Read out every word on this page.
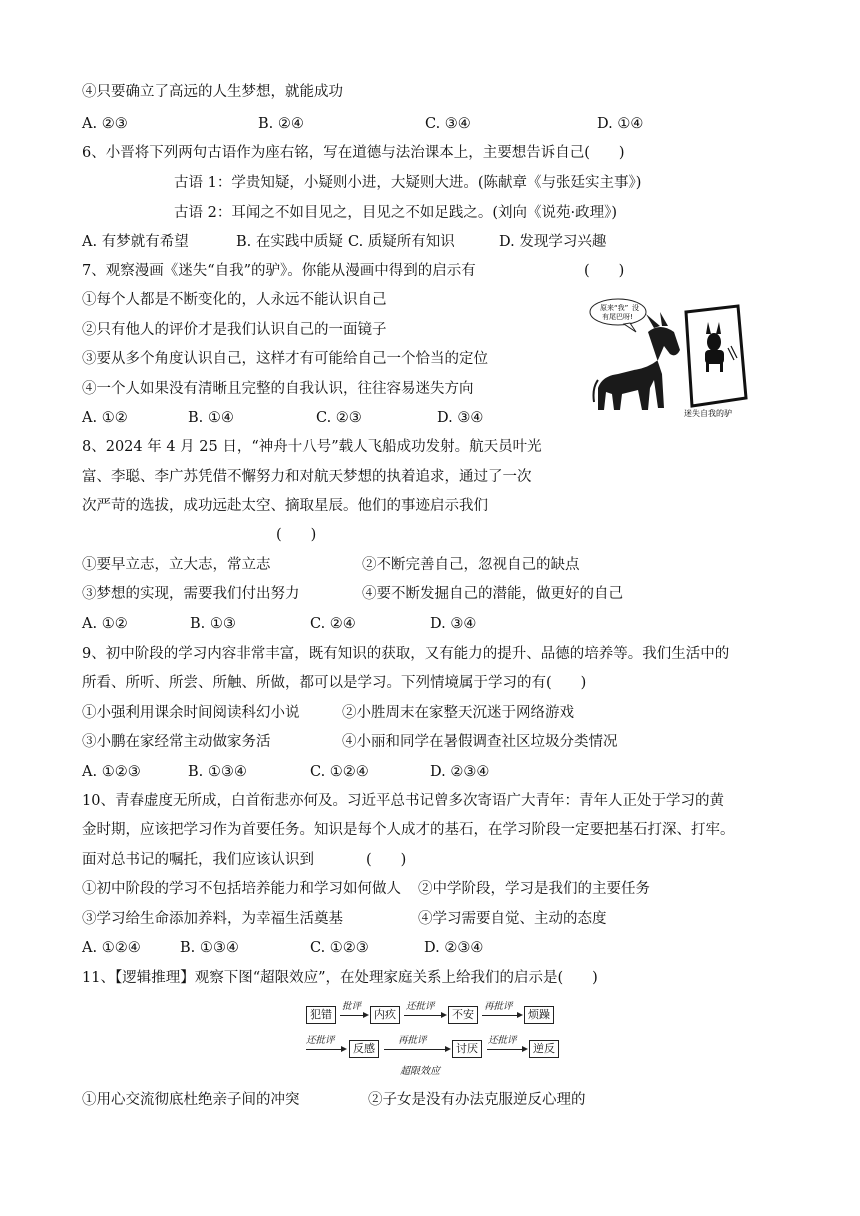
④只要确立了高远的人生梦想，就能成功
A. ②③	B. ②④	C. ③④	D. ①④
6、小晋将下列两句古语作为座右铭，写在道德与法治课本上，主要想告诉自己(　　)
古语 1：学贵知疑，小疑则小进，大疑则大进。(陈献章《与张廷实主事》)
古语 2：耳闻之不如目见之，目见之不如足践之。(刘向《说苑·政理》)
A. 有梦就有希望	B. 在实践中质疑 C. 质疑所有知识	D. 发现学习兴趣
7、观察漫画《迷失“自我”的驴》。你能从漫画中得到的启示有	(　　)
①每个人都是不断变化的，人永远不能认识自己
②只有他人的评价才是我们认识自己的一面镜子
③要从多个角度认识自己，这样才有可能给自己一个恰当的定位
④一个人如果没有清晰且完整的自我认识，往往容易迷失方向
A. ①②	B. ①④	C. ②③	D. ③④
原来“我” 没
有尾巴呀!
迷失自我的驴
8、2024 年 4 月 25 日，“神舟十八号”载人飞船成功发射。航天员叶光
富、李聪、李广苏凭借不懈努力和对航天梦想的执着追求，通过了一次
次严苛的选拔，成功远赴太空、摘取星辰。他们的事迹启示我们
(　　)
①要早立志，立大志，常立志	②不断完善自己，忽视自己的缺点
③梦想的实现，需要我们付出努力	④要不断发掘自己的潜能，做更好的自己
A. ①②	B. ①③	C. ②④	D. ③④
9、初中阶段的学习内容非常丰富，既有知识的获取，又有能力的提升、品德的培养等。我们生活中的
所看、所听、所尝、所触、所做，都可以是学习。下列情境属于学习的有(　　)
①小强利用课余时间阅读科幻小说	②小胜周末在家整天沉迷于网络游戏
③小鹏在家经常主动做家务活	④小丽和同学在暑假调查社区垃圾分类情况
A. ①②③	B. ①③④	C. ①②④	D. ②③④
10、青春虚度无所成，白首衔悲亦何及。习近平总书记曾多次寄语广大青年：青年人正处于学习的黄
金时期，应该把学习作为首要任务。知识是每个人成才的基石，在学习阶段一定要把基石打深、打牢。
面对总书记的嘱托，我们应该认识到	(　　)
①初中阶段的学习不包括培养能力和学习如何做人 ②中学阶段，学习是我们的主要任务
③学习给生命添加养料，为幸福生活奠基	④学习需要自觉、主动的态度
A. ①②④	B. ①③④	C. ①②③	D. ②③④
11、【逻辑推理】观察下图“超限效应”，在处理家庭关系上给我们的启示是(　　)
犯错	内疚	不安	烦躁
批评	还批评	再批评
还批评
反感
再批评
讨厌
还批评
逆反
超限效应
①用心交流彻底杜绝亲子间的冲突	②子女是没有办法克服逆反心理的
